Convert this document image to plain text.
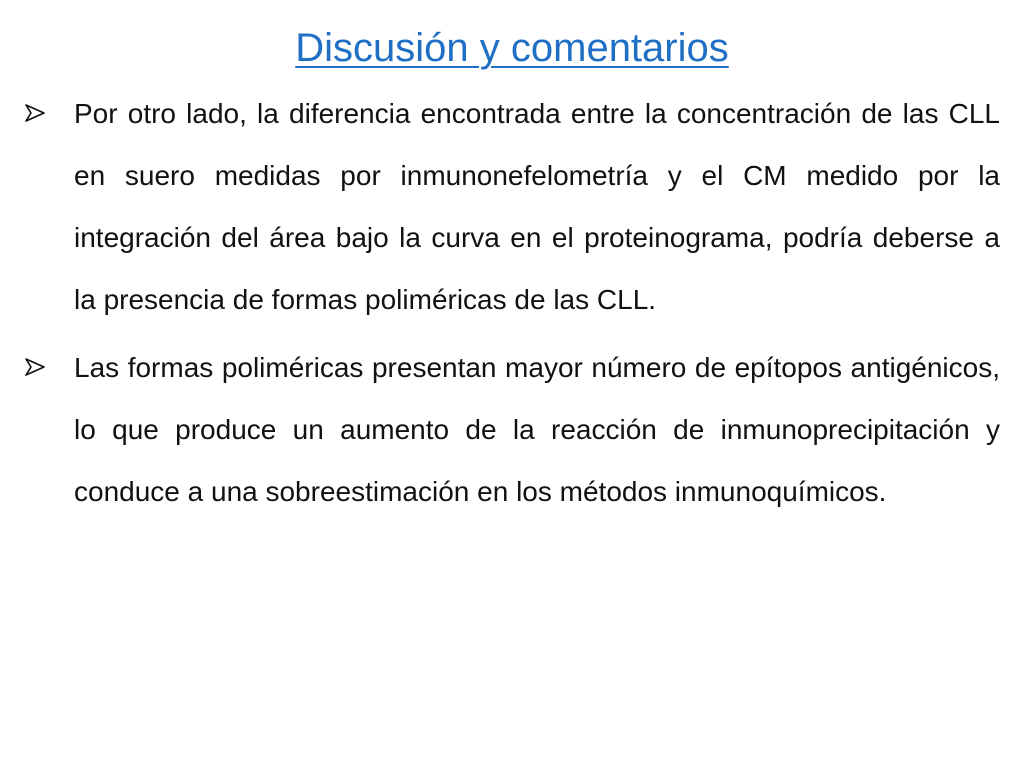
Discusión y comentarios
Por otro lado, la diferencia encontrada entre la concentración de las CLL en suero medidas por inmunonefelometría y el CM medido por la integración del área bajo la curva en el proteinograma, podría deberse a la presencia de formas poliméricas de las CLL.
Las formas poliméricas presentan mayor número de epítopos antigénicos, lo que produce un aumento de la reacción de inmunoprecipitación y conduce a una sobreestimación en los métodos inmunoquímicos.
